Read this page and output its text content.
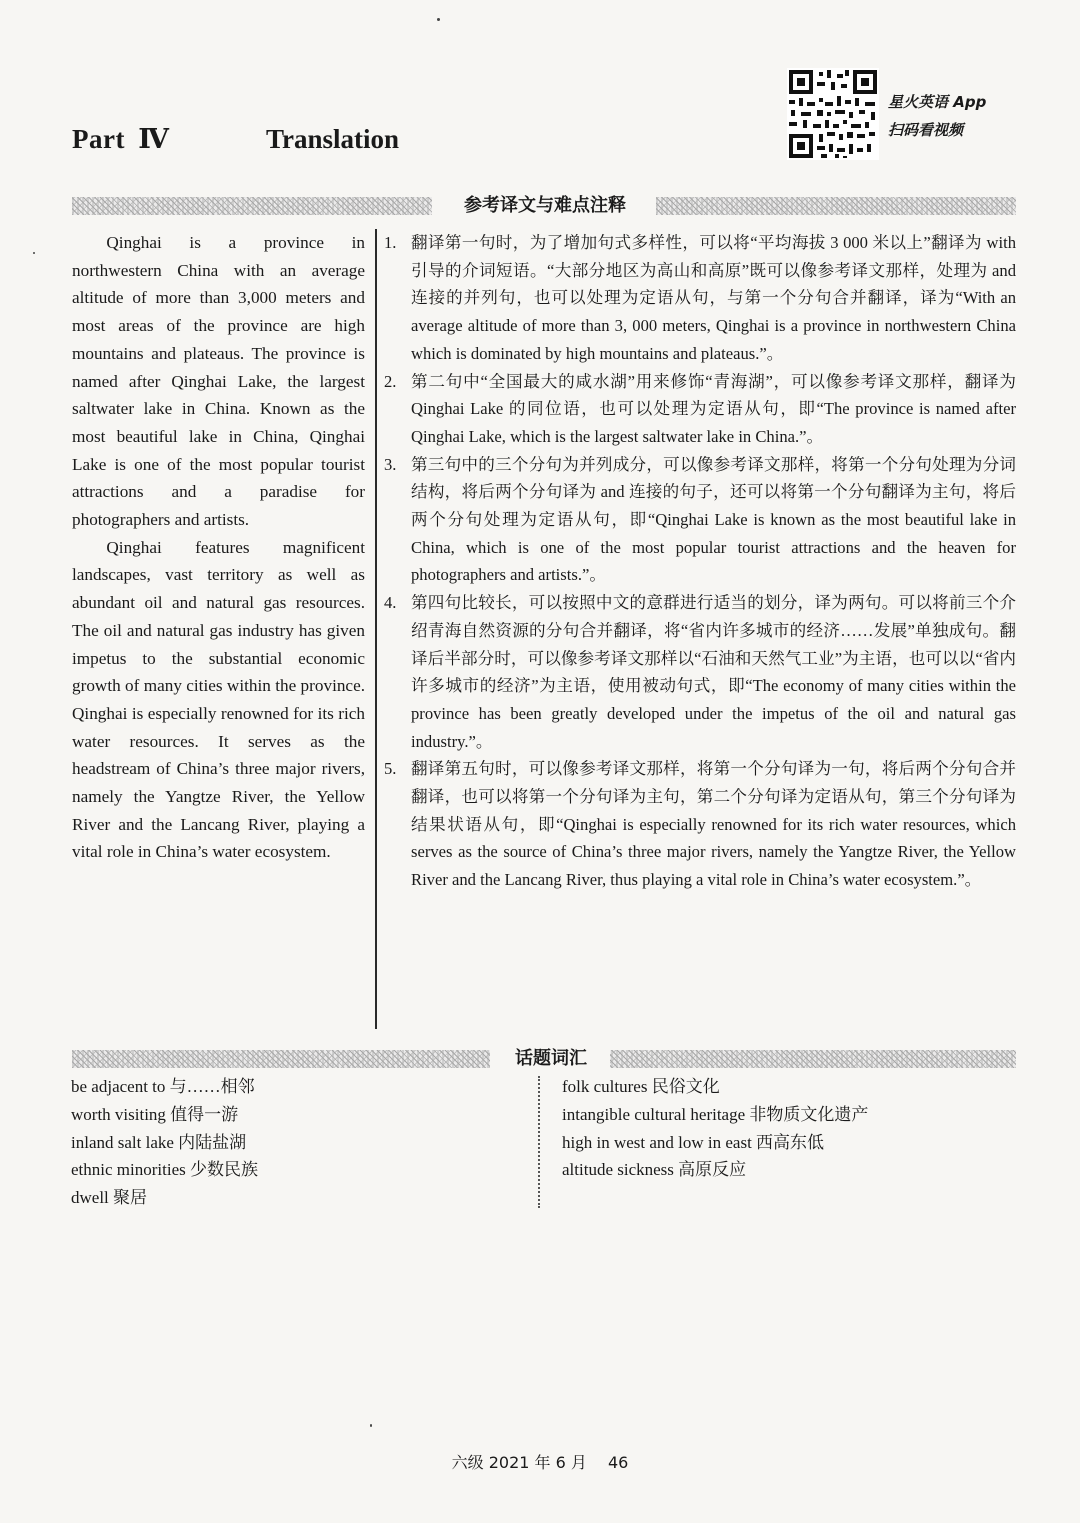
Part Ⅳ	Translation
星火英语 App
扫码看视频
参考译文与难点注释

Qinghai is a province in northwestern China with an average altitude of more than 3,000 meters and most areas of the province are high mountains and plateaus. The province is named after Qinghai Lake, the largest saltwater lake in China. Known as the most beautiful lake in China, Qinghai Lake is one of the most popular tourist attractions and a paradise for photographers and artists.

Qinghai features magnificent landscapes, vast territory as well as abundant oil and natural gas resources. The oil and natural gas industry has given impetus to the substantial economic growth of many cities within the province. Qinghai is especially renowned for its rich water resources. It serves as the headstream of China’s three major rivers, namely the Yangtze River, the Yellow River and the Lancang River, playing a vital role in China’s water ecosystem.

1. 翻译第一句时，为了增加句式多样性，可以将“平均海拔 3 000 米以上”翻译为 with 引导的介词短语。“大部分地区为高山和高原”既可以像参考译文那样，处理为 and 连接的并列句，也可以处理为定语从句，与第一个分句合并翻译，译为“With an average altitude of more than 3, 000 meters, Qinghai is a province in northwestern China which is dominated by high mountains and plateaus.”。
2. 第二句中“全国最大的咸水湖”用来修饰“青海湖”，可以像参考译文那样，翻译为 Qinghai Lake 的同位语，也可以处理为定语从句，即“The province is named after Qinghai Lake, which is the largest saltwater lake in China.”。
3. 第三句中的三个分句为并列成分，可以像参考译文那样，将第一个分句处理为分词结构，将后两个分句译为 and 连接的句子，还可以将第一个分句翻译为主句，将后两个分句处理为定语从句，即“Qinghai Lake is known as the most beautiful lake in China, which is one of the most popular tourist attractions and the heaven for photographers and artists.”。
4. 第四句比较长，可以按照中文的意群进行适当的划分，译为两句。可以将前三个介绍青海自然资源的分句合并翻译，将“省内许多城市的经济……发展”单独成句。翻译后半部分时，可以像参考译文那样以“石油和天然气工业”为主语，也可以以“省内许多城市的经济”为主语，使用被动句式，即“The economy of many cities within the province has been greatly developed under the impetus of the oil and natural gas industry.”。
5. 翻译第五句时，可以像参考译文那样，将第一个分句译为一句，将后两个分句合并翻译，也可以将第一个分句译为主句，第二个分句译为定语从句，第三个分句译为结果状语从句，即“Qinghai is especially renowned for its rich water resources, which serves as the source of China’s three major rivers, namely the Yangtze River, the Yellow River and the Lancang River, thus playing a vital role in China’s water ecosystem.”。
话题词汇
be adjacent to 与……相邻
worth visiting 值得一游
inland salt lake 内陆盐湖
ethnic minorities 少数民族
dwell 聚居
folk cultures 民俗文化
intangible cultural heritage 非物质文化遗产
high in west and low in east 西高东低
altitude sickness 高原反应
六级 2021 年 6 月 46
